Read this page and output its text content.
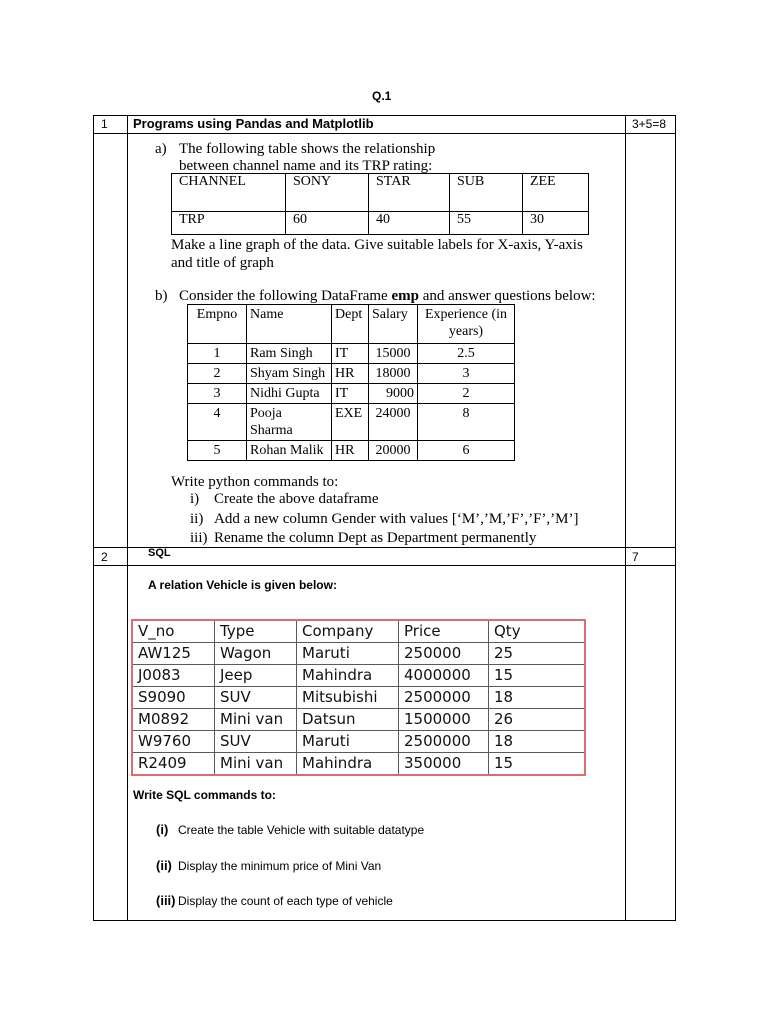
Q.1
1 Programs using Pandas and Matplotlib	3+5=8
a) The following table shows the relationship
between channel name and its TRP rating:
CHANNEL	SONY	STAR	SUB	ZEE
TRP	60	40	55	30
Make a line graph of the data. Give suitable labels for X-axis, Y-axis
and title of graph
b) Consider the following DataFrame emp and answer questions below:
Empno	Name	Dept	Salary	Experience (in years)
1	Ram Singh	IT	15000	2.5
2	Shyam Singh	HR	18000	3
3	Nidhi Gupta	IT	9000	2
4	Pooja Sharma	EXE	24000	8
5	Rohan Malik	HR	20000	6
Write python commands to:
i) Create the above dataframe
ii) Add a new column Gender with values [‘M’,’M,’F’,’F’,’M’]
iii) Rename the column Dept as Department permanently
2	SQL	7
A relation Vehicle is given below:
V_no	Type	Company	Price	Qty
AW125	Wagon	Maruti	250000	25
J0083	Jeep	Mahindra	4000000	15
S9090	SUV	Mitsubishi	2500000	18
M0892	Mini van	Datsun	1500000	26
W9760	SUV	Maruti	2500000	18
R2409	Mini van	Mahindra	350000	15
Write SQL commands to:
(i) Create the table Vehicle with suitable datatype
(ii) Display the minimum price of Mini Van
(iii) Display the count of each type of vehicle
